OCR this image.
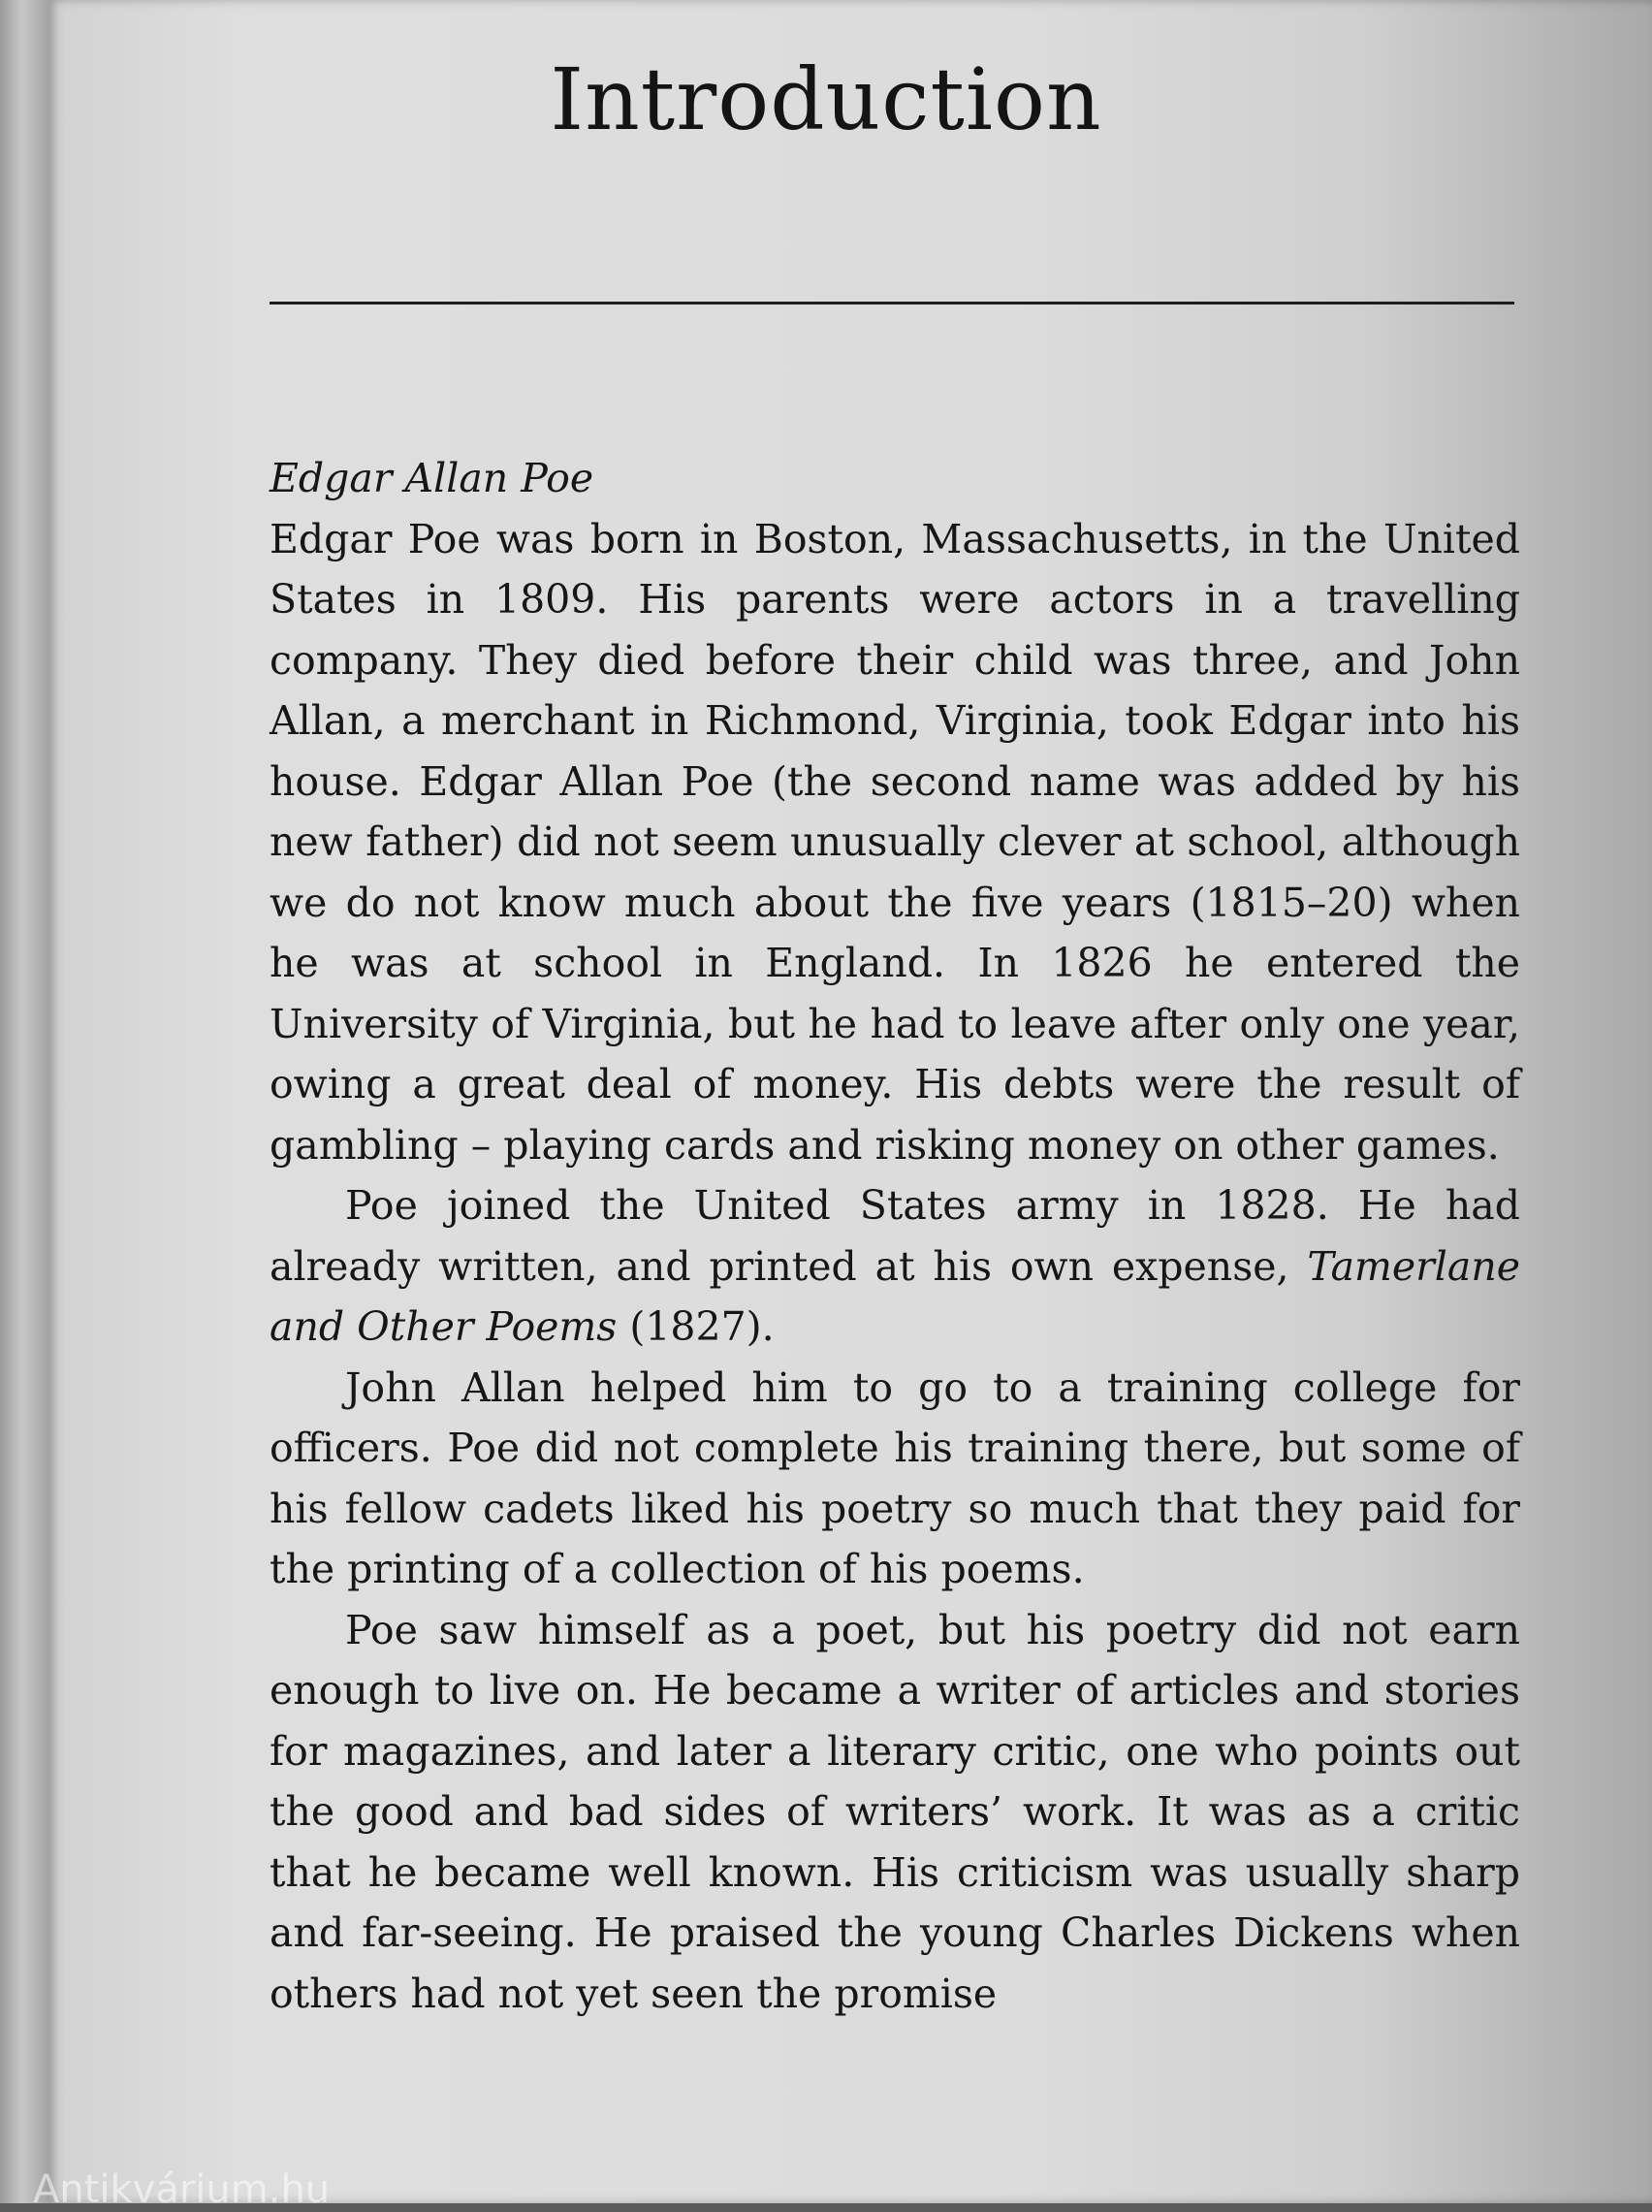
Introduction

Edgar Allan Poe

Edgar Poe was born in Boston, Massachusetts, in the United States in 1809. His parents were actors in a travelling company. They died before their child was three, and John Allan, a merchant in Richmond, Virginia, took Edgar into his house. Edgar Allan Poe (the second name was added by his new father) did not seem unusually clever at school, although we do not know much about the five years (1815–20) when he was at school in England. In 1826 he entered the University of Virginia, but he had to leave after only one year, owing a great deal of money. His debts were the result of gambling – playing cards and risking money on other games.

Poe joined the United States army in 1828. He had already written, and printed at his own expense, Tamerlane and Other Poems (1827).

John Allan helped him to go to a training college for officers. Poe did not complete his training there, but some of his fellow cadets liked his poetry so much that they paid for the printing of a collection of his poems.

Poe saw himself as a poet, but his poetry did not earn enough to live on. He became a writer of articles and stories for magazines, and later a literary critic, one who points out the good and bad sides of writers’ work. It was as a critic that he became well known. His criticism was usually sharp and far-seeing. He praised the young Charles Dickens when others had not yet seen the promise

Antikvárium.hu
